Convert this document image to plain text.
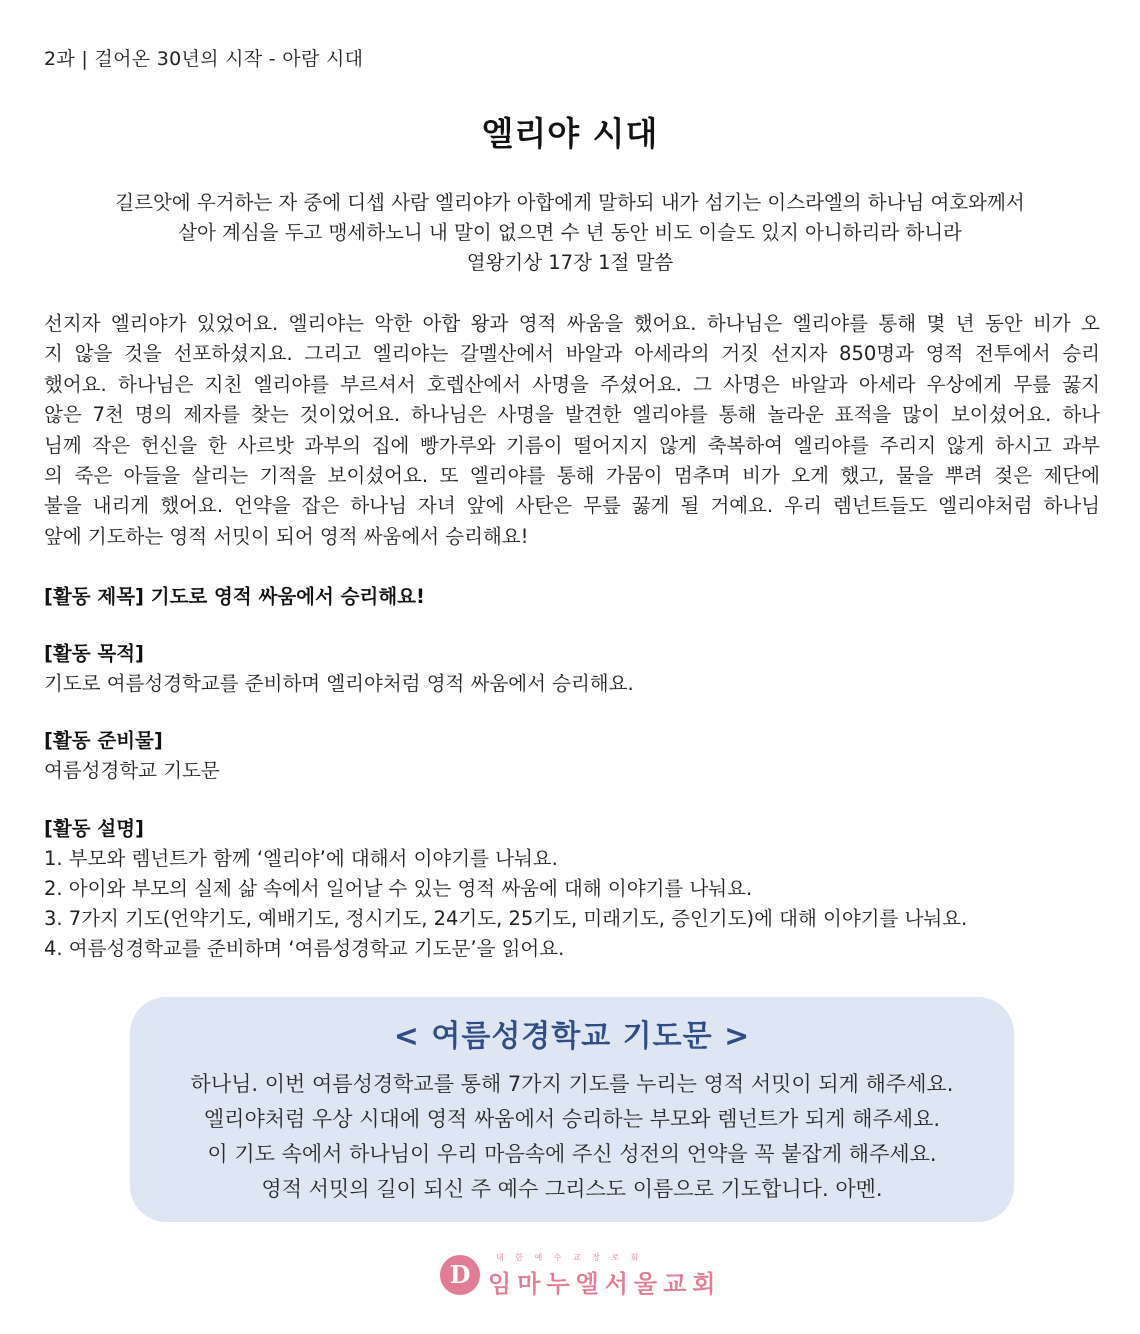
2과 | 걸어온 30년의 시작 - 아람 시대
엘리야 시대
길르앗에 우거하는 자 중에 디셉 사람 엘리야가 아합에게 말하되 내가 섬기는 이스라엘의 하나님 여호와께서
살아 계심을 두고 맹세하노니 내 말이 없으면 수 년 동안 비도 이슬도 있지 아니하리라 하니라
열왕기상 17장 1절 말씀
선지자 엘리야가 있었어요. 엘리야는 악한 아합 왕과 영적 싸움을 했어요. 하나님은 엘리야를 통해 몇 년 동안 비가 오
지 않을 것을 선포하셨지요. 그리고 엘리야는 갈멜산에서 바알과 아세라의 거짓 선지자 850명과 영적 전투에서 승리
했어요. 하나님은 지친 엘리야를 부르셔서 호렙산에서 사명을 주셨어요. 그 사명은 바알과 아세라 우상에게 무릎 꿇지
않은 7천 명의 제자를 찾는 것이었어요. 하나님은 사명을 발견한 엘리야를 통해 놀라운 표적을 많이 보이셨어요. 하나
님께 작은 헌신을 한 사르밧 과부의 집에 빵가루와 기름이 떨어지지 않게 축복하여 엘리야를 주리지 않게 하시고 과부
의 죽은 아들을 살리는 기적을 보이셨어요. 또 엘리야를 통해 가뭄이 멈추며 비가 오게 했고, 물을 뿌려 젖은 제단에
불을 내리게 했어요. 언약을 잡은 하나님 자녀 앞에 사탄은 무릎 꿇게 될 거예요. 우리 렘넌트들도 엘리야처럼 하나님
앞에 기도하는 영적 서밋이 되어 영적 싸움에서 승리해요!
[활동 제목] 기도로 영적 싸움에서 승리해요!
[활동 목적]
기도로 여름성경학교를 준비하며 엘리야처럼 영적 싸움에서 승리해요.
[활동 준비물]
여름성경학교 기도문
[활동 설명]
1. 부모와 렘넌트가 함께 ‘엘리야’에 대해서 이야기를 나눠요.
2. 아이와 부모의 실제 삶 속에서 일어날 수 있는 영적 싸움에 대해 이야기를 나눠요.
3. 7가지 기도(언약기도, 예배기도, 정시기도, 24기도, 25기도, 미래기도, 증인기도)에 대해 이야기를 나눠요.
4. 여름성경학교를 준비하며 ‘여름성경학교 기도문’을 읽어요.
< 여름성경학교 기도문 >
하나님. 이번 여름성경학교를 통해 7가지 기도를 누리는 영적 서밋이 되게 해주세요.
엘리야처럼 우상 시대에 영적 싸움에서 승리하는 부모와 렘넌트가 되게 해주세요.
이 기도 속에서 하나님이 우리 마음속에 주신 성전의 언약을 꼭 붙잡게 해주세요.
영적 서밋의 길이 되신 주 예수 그리스도 이름으로 기도합니다. 아멘.
D
대한예수교장로회
임마누엘서울교회
